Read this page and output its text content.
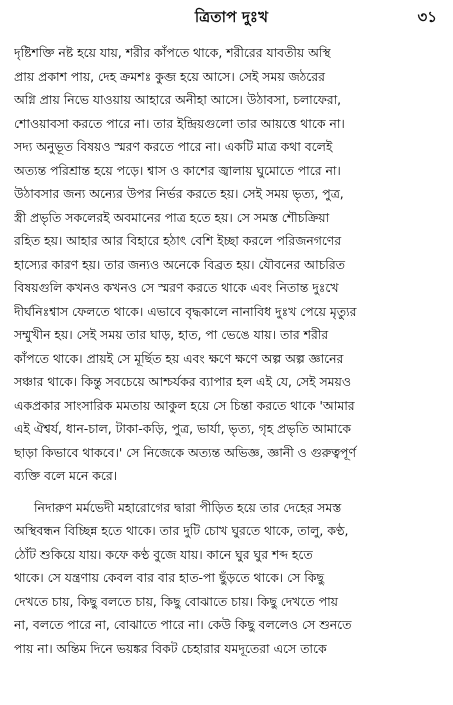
ত্রিতাপ দুঃখ	৩১
দৃষ্টিশক্তি নষ্ট হয়ে যায়, শরীর কাঁপতে থাকে, শরীরের যাবতীয় অস্থি
প্রায় প্রকাশ পায়, দেহ ক্রমশঃ কুব্জ হয়ে আসে। সেই সময় জঠরের
অগ্নি প্রায় নিভে যাওয়ায় আহারে অনীহা আসে। উঠাবসা, চলাফেরা,
শোওয়াবসা করতে পারে না। তার ইন্দ্রিয়গুলো তার আয়ত্তে থাকে না।
সদ্য অনুভূত বিষয়ও স্মরণ করতে পারে না। একটি মাত্র কথা বলেই
অত্যন্ত পরিশ্রান্ত হয়ে পড়ে। শ্বাস ও কাশের জ্বালায় ঘুমোতে পারে না।
উঠাবসার জন্য অন্যের উপর নির্ভর করতে হয়। সেই সময় ভৃত্য, পুত্র,
স্ত্রী প্রভৃতি সকলেরই অবমানের পাত্র হতে হয়। সে সমস্ত শৌচক্রিয়া
রহিত হয়। আহার আর বিহারে হঠাৎ বেশি ইচ্ছা করলে পরিজনগণের
হাস্যের কারণ হয়। তার জন্যও অনেকে বিব্রত হয়। যৌবনের আচরিত
বিষয়গুলি কখনও কখনও সে স্মরণ করতে থাকে এবং নিতান্ত দুঃখে
দীর্ঘনিঃশ্বাস ফেলতে থাকে। এভাবে বৃদ্ধকালে নানাবিধ দুঃখ পেয়ে মৃত্যুর
সম্মুখীন হয়। সেই সময় তার ঘাড়, হাত, পা ভেঙে যায়। তার শরীর
কাঁপতে থাকে। প্রায়ই সে মূর্ছিত হয় এবং ক্ষণে ক্ষণে অল্প অল্প জ্ঞানের
সঞ্চার থাকে। কিন্তু সবচেয়ে আশ্চর্যকর ব্যাপার হল এই যে, সেই সময়ও
একপ্রকার সাংসারিক মমতায় আকুল হয়ে সে চিন্তা করতে থাকে 'আমার
এই ঐশ্বর্য, ধান-চাল, টাকা-কড়ি, পুত্র, ভার্যা, ভৃত্য, গৃহ প্রভৃতি আমাকে
ছাড়া কিভাবে থাকবে।' সে নিজেকে অত্যন্ত অভিজ্ঞ, জ্ঞানী ও গুরুত্বপূর্ণ
ব্যক্তি বলে মনে করে।
নিদারুণ মর্মভেদী মহারোগের দ্বারা পীড়িত হয়ে তার দেহের সমস্ত
অস্থিবন্ধন বিচ্ছিন্ন হতে থাকে। তার দুটি চোখ ঘুরতে থাকে, তালু, কণ্ঠ,
ঠোঁট শুকিয়ে যায়। কফে কণ্ঠ বুজে যায়। কানে ঘুর ঘুর শব্দ হতে
থাকে। সে যন্ত্রণায় কেবল বার বার হাত-পা ছুঁড়তে থাকে। সে কিছু
দেখতে চায়, কিছু বলতে চায়, কিছু বোঝাতে চায়। কিছু দেখতে পায়
না, বলতে পারে না, বোঝাতে পারে না। কেউ কিছু বললেও সে শুনতে
পায় না। অন্তিম দিনে ভয়ঙ্কর বিকট চেহারার যমদূতেরা এসে তাকে
